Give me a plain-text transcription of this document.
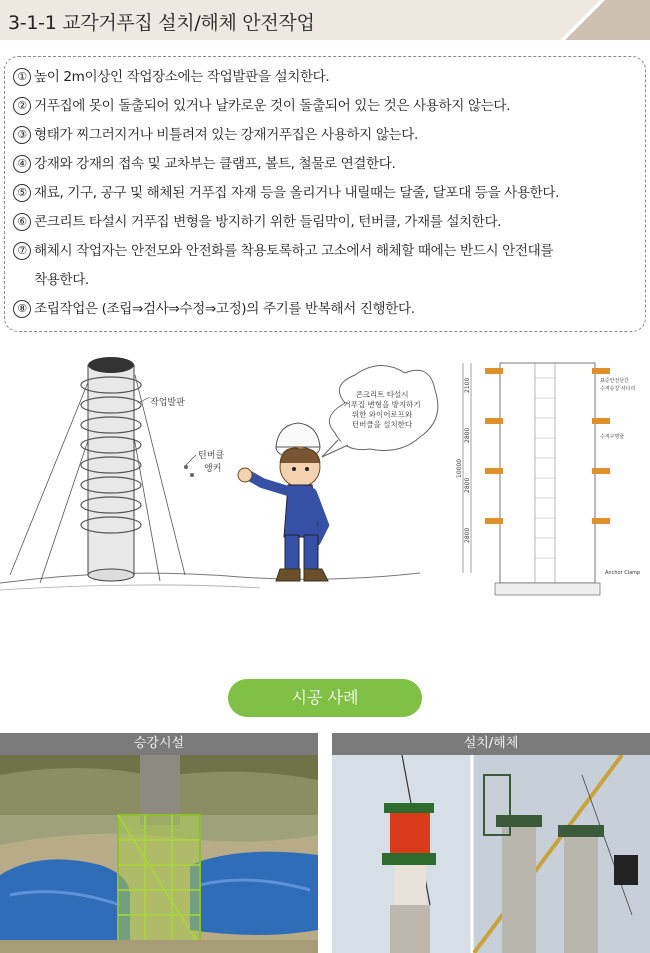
3-1-1 교각거푸집 설치/해체 안전작업
① 높이 2m이상인 작업장소에는 작업발판을 설치한다.
② 거푸집에 못이 돌출되어 있거나 날카로운 것이 돌출되어 있는 것은 사용하지 않는다.
③ 형태가 찌그러지거나 비틀려져 있는 강재거푸집은 사용하지 않는다.
④ 강재와 강재의 접속 및 교차부는 클램프, 볼트, 철물로 연결한다.
⑤ 재료, 기구, 공구 및 해체된 거푸집 자재 등을 올리거나 내릴때는 달줄, 달포대 등을 사용한다.
⑥ 콘크리트 타설시 거푸집 변형을 방지하기 위한 들림막이, 턴버클, 가재를 설치한다.
⑦ 해체시 작업자는 안전모와 안전화를 착용토록하고 고소에서 해체할 때에는 반드시 안전대를
착용한다.
⑧ 조립작업은 (조립⇒검사⇒수정⇒고정)의 주기를 반복해서 진행한다.
작업발판
턴버클
앵커
콘크리트 타설시
거푸집 변형을 방지하기
위한 와이어로프와
턴버클을 설치한다
10000
2100
2800
2800
2800
표준안전난간
수직승강 사다리
수직구명줄
Anchor Clamp
시공 사례
승강시설	설치/해체
